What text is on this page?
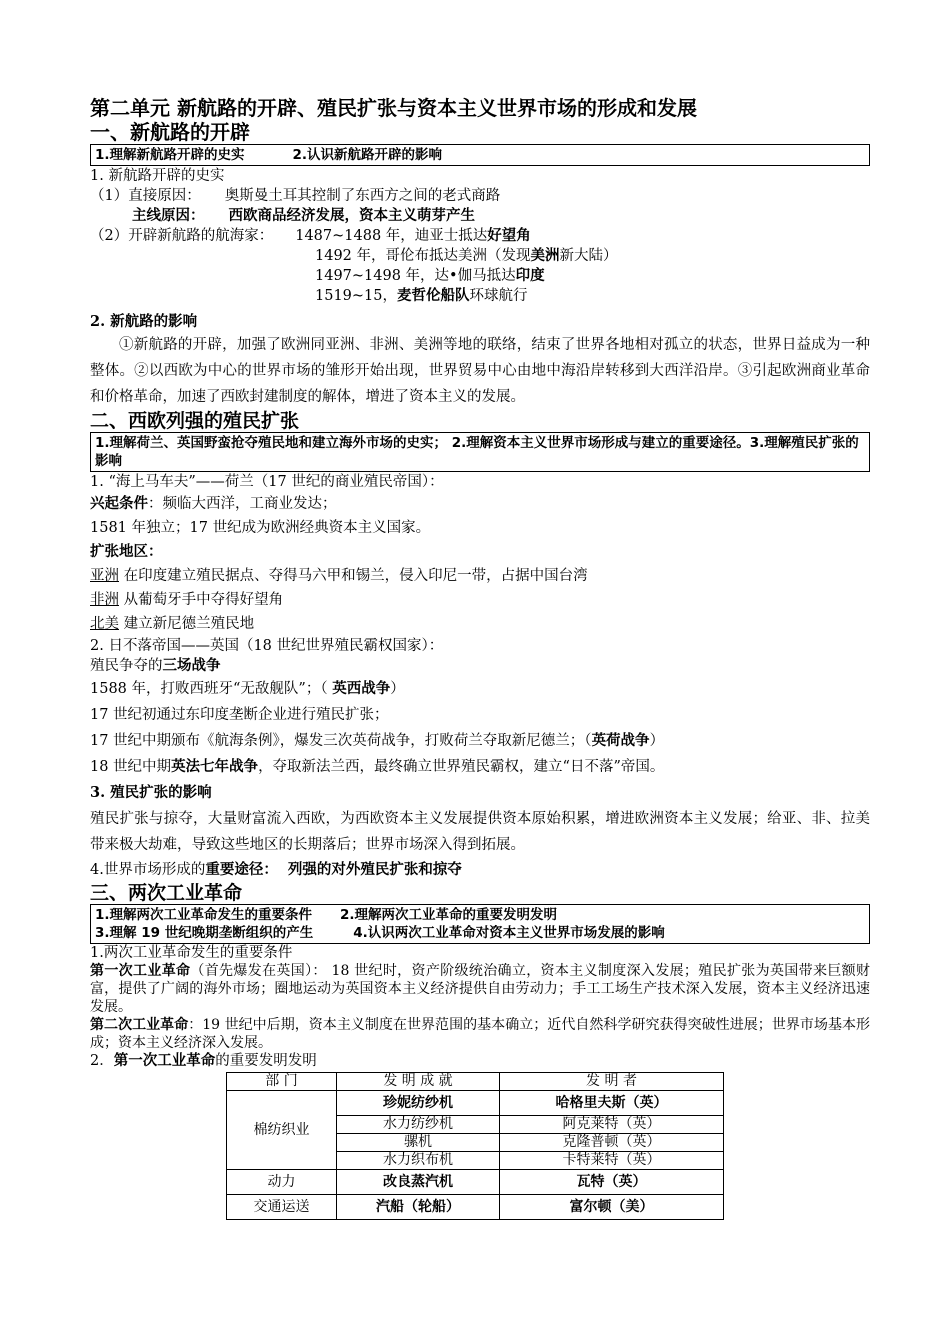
第二单元 新航路的开辟、殖民扩张与资本主义世界市场的形成和发展
一、新航路的开辟
1.理解新航路开辟的史实	2.认识新航路开辟的影响
1. 新航路开辟的史实
（1）直接原因： 奥斯曼土耳其控制了东西方之间的老式商路
主线原因： 西欧商品经济发展，资本主义萌芽产生
（2）开辟新航路的航海家： 1487~1488 年，迪亚士抵达好望角
1492 年，哥伦布抵达美洲（发现美洲新大陆）
1497~1498 年，达•伽马抵达印度
1519~15，麦哲伦船队环球航行
2. 新航路的影响
①新航路的开辟，加强了欧洲同亚洲、非洲、美洲等地的联络，结束了世界各地相对孤立的状态，世界日益成为一种整体。②以西欧为中心的世界市场的雏形开始出现，世界贸易中心由地中海沿岸转移到大西洋沿岸。③引起欧洲商业革命和价格革命，加速了西欧封建制度的解体，增进了资本主义的发展。
二、西欧列强的殖民扩张
1.理解荷兰、英国野蛮抢夺殖民地和建立海外市场的史实； 2.理解资本主义世界市场形成与建立的重要途径。3.理解殖民扩张的影响
1. “海上马车夫”——荷兰（17 世纪的商业殖民帝国）：
兴起条件：频临大西洋，工商业发达；
1581 年独立；17 世纪成为欧洲经典资本主义国家。
扩张地区：
亚洲 在印度建立殖民据点、夺得马六甲和锡兰，侵入印尼一带，占据中国台湾
非洲 从葡萄牙手中夺得好望角
北美 建立新尼德兰殖民地
2. 日不落帝国——英国（18 世纪世界殖民霸权国家）：
殖民争夺的三场战争
1588 年，打败西班牙“无敌舰队”；（ 英西战争）
17 世纪初通过东印度垄断企业进行殖民扩张；
17 世纪中期颁布《航海条例》，爆发三次英荷战争，打败荷兰夺取新尼德兰；（英荷战争）
18 世纪中期英法七年战争，夺取新法兰西，最终确立世界殖民霸权，建立“日不落”帝国。
3. 殖民扩张的影响
殖民扩张与掠夺，大量财富流入西欧，为西欧资本主义发展提供资本原始积累，增进欧洲资本主义发展；给亚、非、拉美带来极大劫难，导致这些地区的长期落后；世界市场深入得到拓展。
4.世界市场形成的重要途径： 列强的对外殖民扩张和掠夺
三、两次工业革命
1.理解两次工业革命发生的重要条件 2.理解两次工业革命的重要发明发明
3.理解 19 世纪晚期垄断组织的产生	4.认识两次工业革命对资本主义世界市场发展的影响
1.两次工业革命发生的重要条件
第一次工业革命（首先爆发在英国）： 18 世纪时，资产阶级统治确立，资本主义制度深入发展；殖民扩张为英国带来巨额财富，提供了广阔的海外市场；圈地运动为英国资本主义经济提供自由劳动力；手工工场生产技术深入发展，资本主义经济迅速发展。
第二次工业革命：19 世纪中后期，资本主义制度在世界范围的基本确立；近代自然科学研究获得突破性进展；世界市场基本形成；资本主义经济深入发展。
2．第一次工业革命的重要发明发明
部 门	发 明 成 就	发 明 者
棉纺织业	珍妮纺纱机	哈格里夫斯（英）
	水力纺纱机	阿克莱特（英）
	骡机	克隆普顿（英）
	水力织布机	卡特莱特（英）
动力	改良蒸汽机	瓦特（英）
交通运送	汽船（轮船）	富尔顿（美）
